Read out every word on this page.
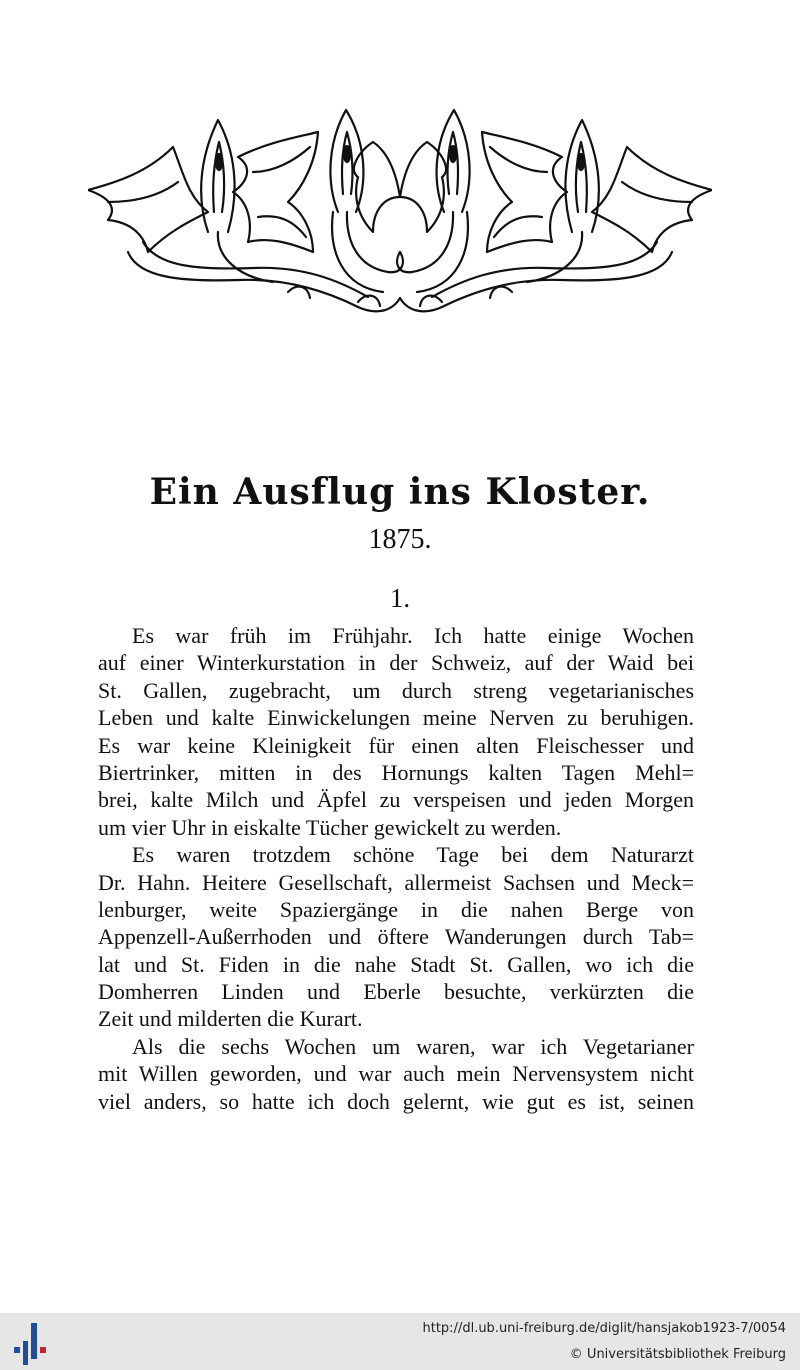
Ein Ausflug ins Kloster.
1875.
1.
Es war früh im Frühjahr. Ich hatte einige Wochen
auf einer Winterkurstation in der Schweiz, auf der Waid bei
St. Gallen, zugebracht, um durch streng vegetarianisches
Leben und kalte Einwickelungen meine Nerven zu beruhigen.
Es war keine Kleinigkeit für einen alten Fleischesser und
Biertrinker, mitten in des Hornungs kalten Tagen Mehl=
brei, kalte Milch und Äpfel zu verspeisen und jeden Morgen
um vier Uhr in eiskalte Tücher gewickelt zu werden.
Es waren trotzdem schöne Tage bei dem Naturarzt
Dr. Hahn. Heitere Gesellschaft, allermeist Sachsen und Meck=
lenburger, weite Spaziergänge in die nahen Berge von
Appenzell-Außerrhoden und öftere Wanderungen durch Tab=
lat und St. Fiden in die nahe Stadt St. Gallen, wo ich die
Domherren Linden und Eberle besuchte, verkürzten die
Zeit und milderten die Kurart.
Als die sechs Wochen um waren, war ich Vegetarianer
mit Willen geworden, und war auch mein Nervensystem nicht
viel anders, so hatte ich doch gelernt, wie gut es ist, seinen
http://dl.ub.uni-freiburg.de/diglit/hansjakob1923-7/0054
© Universitätsbibliothek Freiburg
